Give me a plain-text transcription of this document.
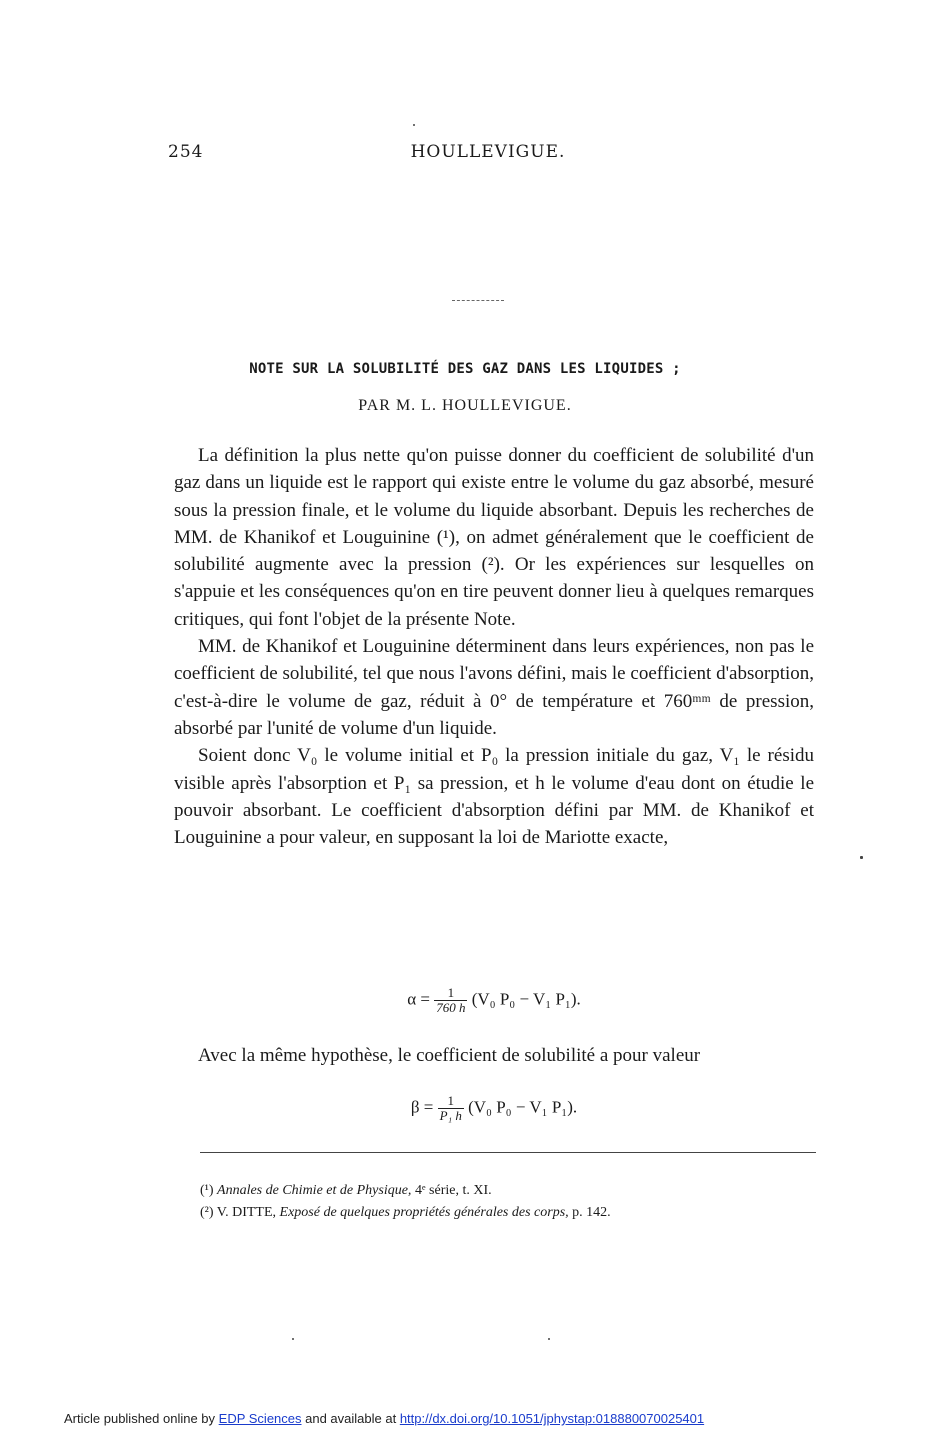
254	HOULLEVIGUE.
NOTE SUR LA SOLUBILITÉ DES GAZ DANS LES LIQUIDES ;
PAR M. L. HOULLEVIGUE.

La définition la plus nette qu'on puisse donner du coefficient de solubilité d'un gaz dans un liquide est le rapport qui existe entre le volume du gaz absorbé, mesuré sous la pression finale, et le volume du liquide absorbant. Depuis les recherches de MM. de Khanikof et Louguinine (¹), on admet généralement que le coefficient de solubilité augmente avec la pression (²). Or les expériences sur lesquelles on s'appuie et les conséquences qu'on en tire peuvent donner lieu à quelques remarques critiques, qui font l'objet de la présente Note.

MM. de Khanikof et Louguinine déterminent dans leurs expériences, non pas le coefficient de solubilité, tel que nous l'avons défini, mais le coefficient d'absorption, c'est-à-dire le volume de gaz, réduit à 0° de température et 760ᵐᵐ de pression, absorbé par l'unité de volume d'un liquide.

Soient donc V₀ le volume initial et P₀ la pression initiale du gaz, V₁ le résidu visible après l'absorption et P₁ sa pression, et h le volume d'eau dont on étudie le pouvoir absorbant. Le coefficient d'absorption défini par MM. de Khanikof et Louguinine a pour valeur, en supposant la loi de Mariotte exacte,

$\alpha = \frac{1}{760 h} (V_0$ P₀ − V₁ P₁).

Avec la même hypothèse, le coefficient de solubilité a pour valeur

$\beta = \frac{1}{\text{P₁ h}} (V_0$ P₀ − V₁ P₁).
(¹) Annales de Chimie et de Physique, 4ᵉ série, t. XI.
(²) V. DITTE, Exposé de quelques propriétés générales des corps, p. 142.
Article published online by EDP Sciences and available at http://dx.doi.org/10.1051/jphystap:018880070025401
